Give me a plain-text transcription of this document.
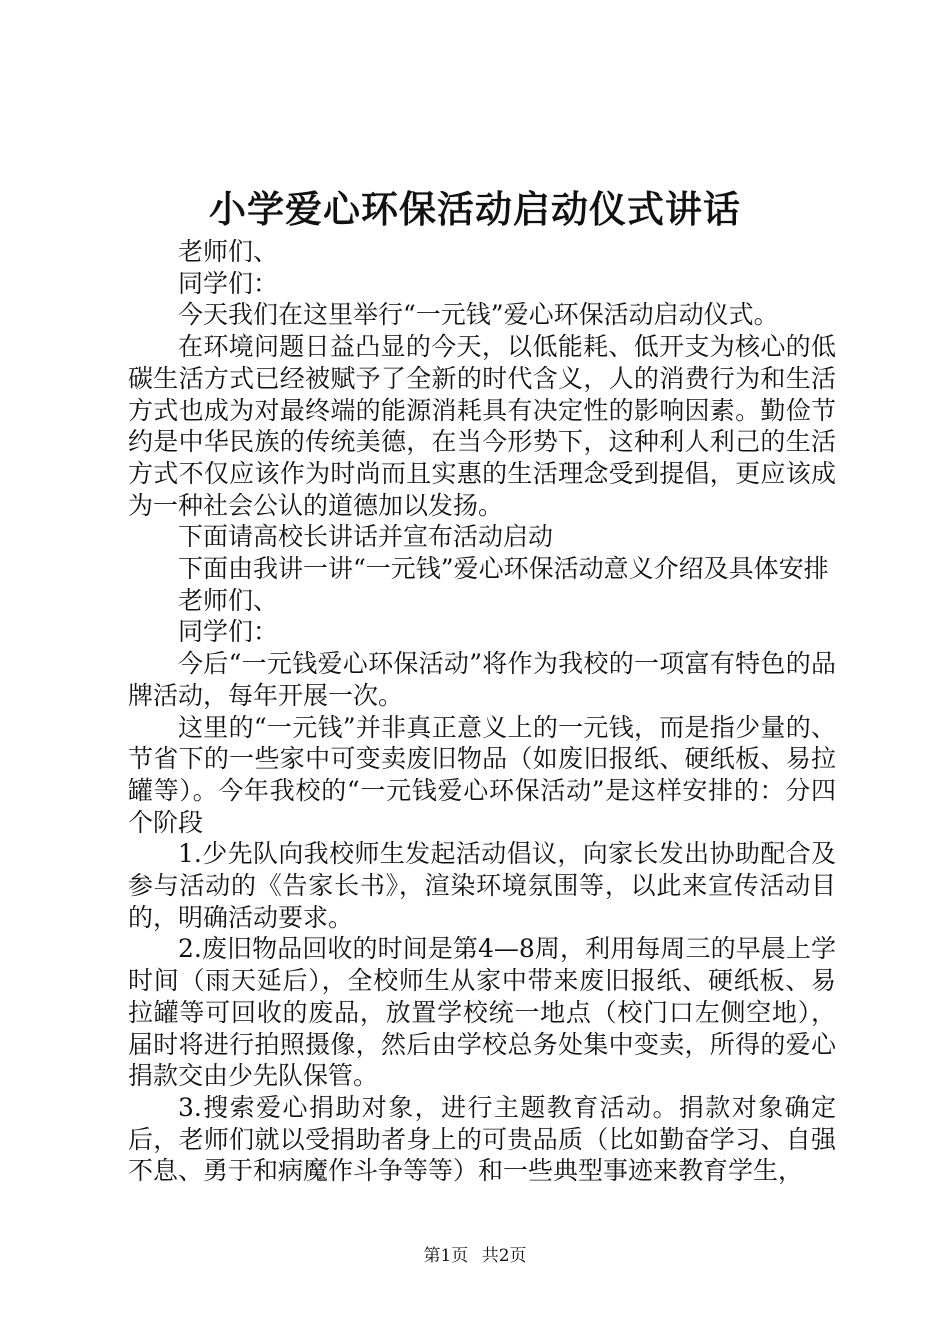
小学爱心环保活动启动仪式讲话

老师们、

同学们：

今天我们在这里举行“一元钱”爱心环保活动启动仪式。

在环境问题日益凸显的今天，以低能耗、低开支为核心的低碳生活方式已经被赋予了全新的时代含义，人的消费行为和生活方式也成为对最终端的能源消耗具有决定性的影响因素。勤俭节约是中华民族的传统美德，在当今形势下，这种利人利己的生活方式不仅应该作为时尚而且实惠的生活理念受到提倡，更应该成为一种社会公认的道德加以发扬。

下面请高校长讲话并宣布活动启动

下面由我讲一讲“一元钱”爱心环保活动意义介绍及具体安排

老师们、

同学们：

今后“一元钱爱心环保活动”将作为我校的一项富有特色的品牌活动，每年开展一次。

这里的“一元钱”并非真正意义上的一元钱，而是指少量的、节省下的一些家中可变卖废旧物品（如废旧报纸、硬纸板、易拉罐等）。今年我校的“一元钱爱心环保活动”是这样安排的：分四个阶段

1.少先队向我校师生发起活动倡议，向家长发出协助配合及参与活动的《告家长书》，渲染环境氛围等，以此来宣传活动目的，明确活动要求。

2.废旧物品回收的时间是第4—8周，利用每周三的早晨上学时间（雨天延后），全校师生从家中带来废旧报纸、硬纸板、易拉罐等可回收的废品，放置学校统一地点（校门口左侧空地），届时将进行拍照摄像，然后由学校总务处集中变卖，所得的爱心捐款交由少先队保管。

3.搜索爱心捐助对象，进行主题教育活动。捐款对象确定后，老师们就以受捐助者身上的可贵品质（比如勤奋学习、自强不息、勇于和病魔作斗争等等）和一些典型事迹来教育学生，

第1页 共2页
